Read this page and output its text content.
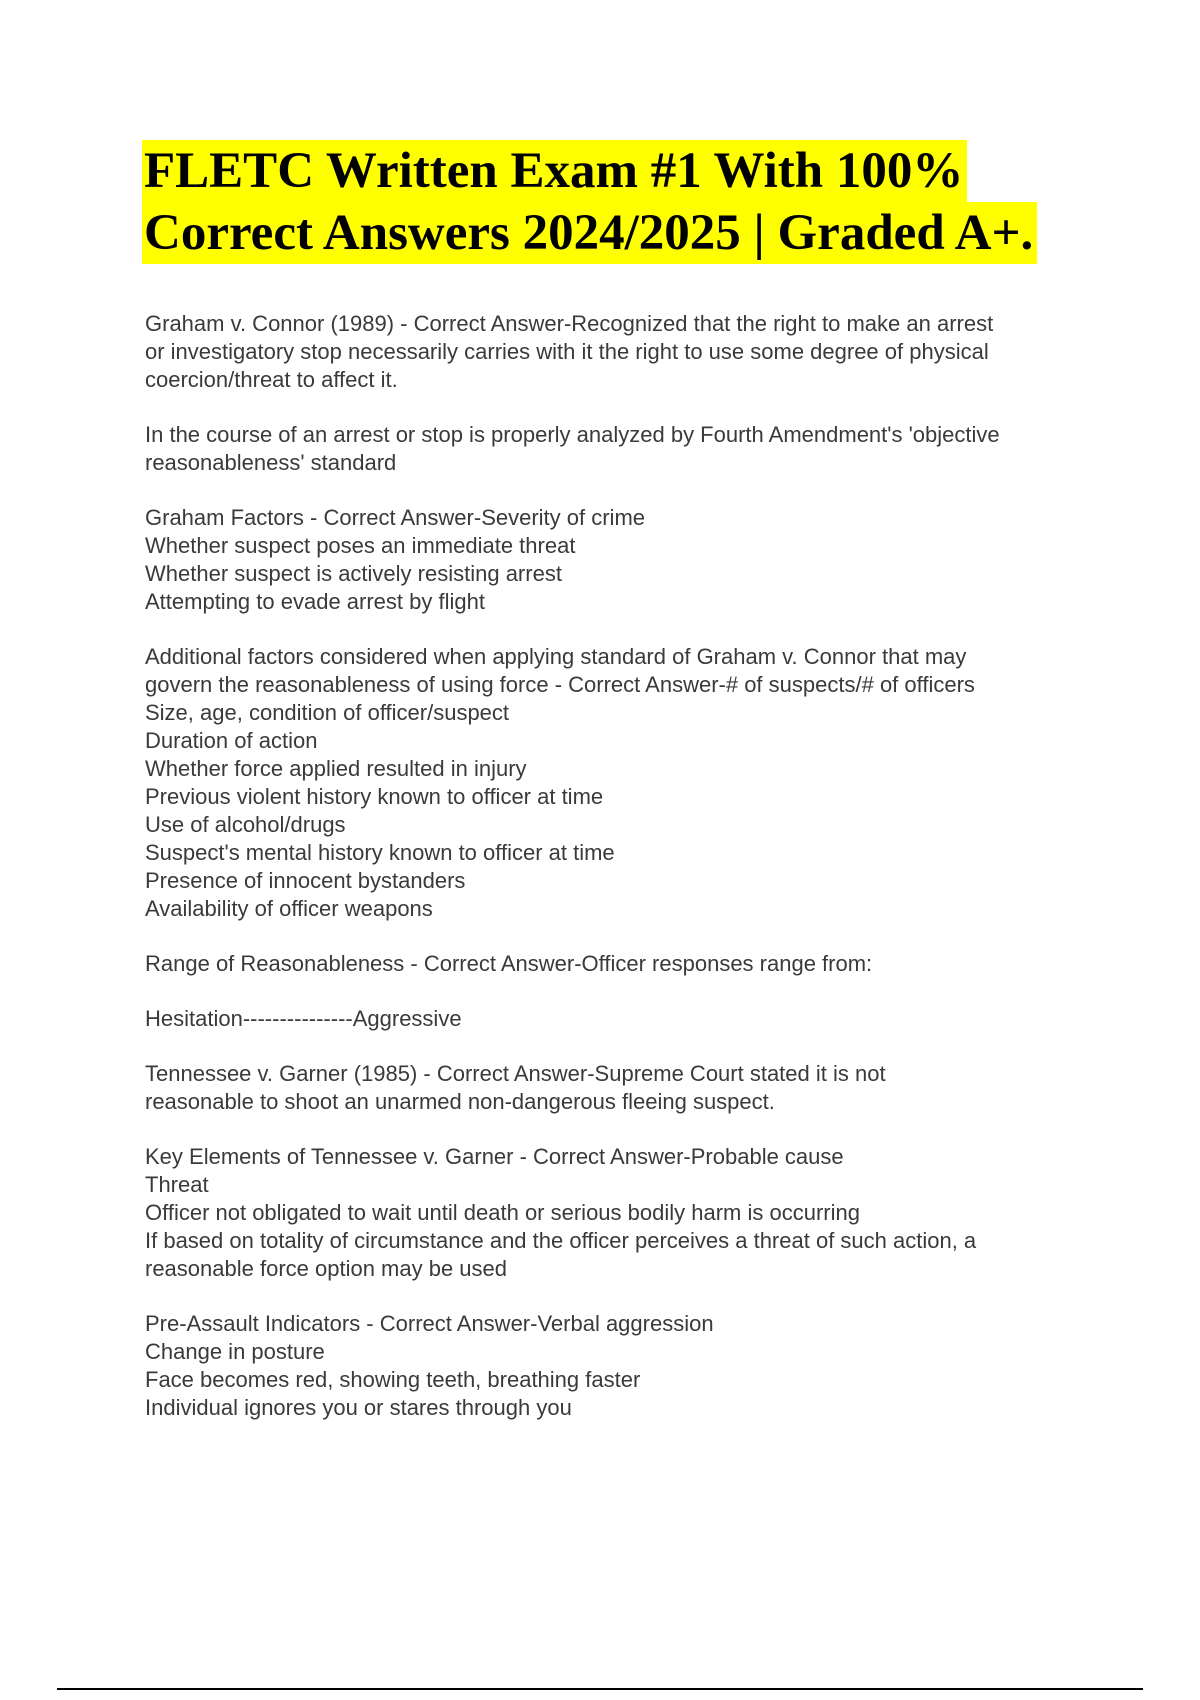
FLETC Written Exam #1 With 100%
Correct Answers 2024/2025 | Graded A+.
Graham v. Connor (1989) - Correct Answer-Recognized that the right to make an arrest
or investigatory stop necessarily carries with it the right to use some degree of physical
coercion/threat to affect it.
In the course of an arrest or stop is properly analyzed by Fourth Amendment's 'objective
reasonableness' standard
Graham Factors - Correct Answer-Severity of crime
Whether suspect poses an immediate threat
Whether suspect is actively resisting arrest
Attempting to evade arrest by flight
Additional factors considered when applying standard of Graham v. Connor that may
govern the reasonableness of using force - Correct Answer-# of suspects/# of officers
Size, age, condition of officer/suspect
Duration of action
Whether force applied resulted in injury
Previous violent history known to officer at time
Use of alcohol/drugs
Suspect's mental history known to officer at time
Presence of innocent bystanders
Availability of officer weapons
Range of Reasonableness - Correct Answer-Officer responses range from:
Hesitation---------------Aggressive
Tennessee v. Garner (1985) - Correct Answer-Supreme Court stated it is not
reasonable to shoot an unarmed non-dangerous fleeing suspect.
Key Elements of Tennessee v. Garner - Correct Answer-Probable cause
Threat
Officer not obligated to wait until death or serious bodily harm is occurring
If based on totality of circumstance and the officer perceives a threat of such action, a
reasonable force option may be used
Pre-Assault Indicators - Correct Answer-Verbal aggression
Change in posture
Face becomes red, showing teeth, breathing faster
Individual ignores you or stares through you
